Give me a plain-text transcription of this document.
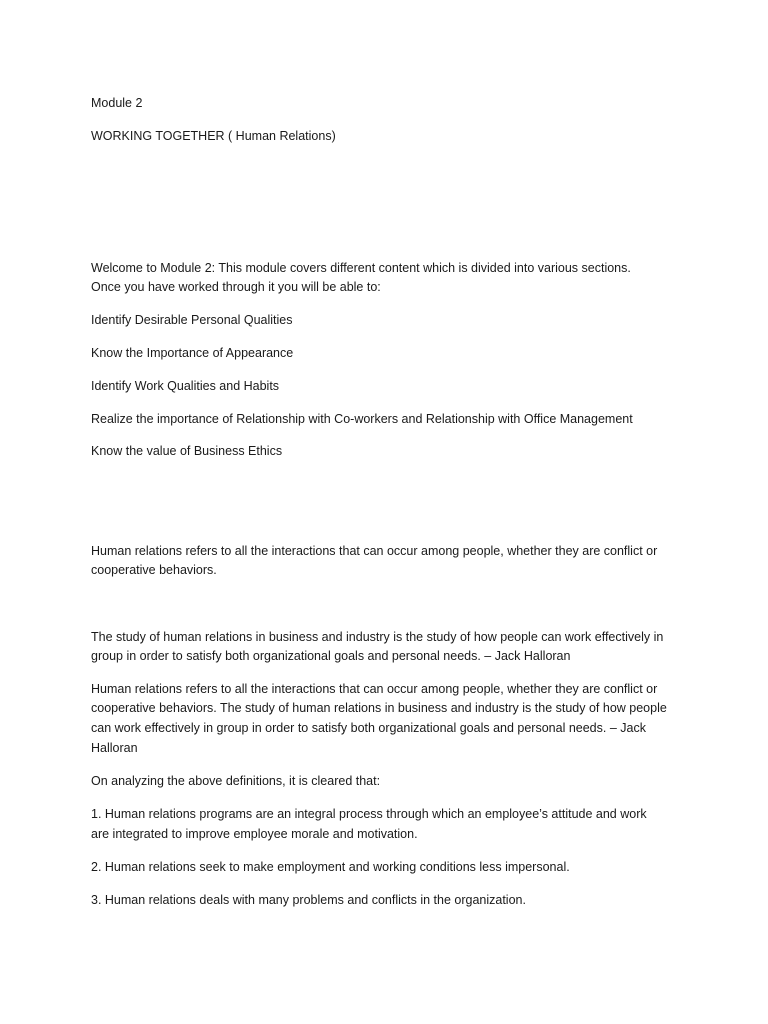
Module 2

WORKING TOGETHER ( Human Relations)

Welcome to Module 2: This module covers different content which is divided into various sections.

Once you have worked through it you will be able to:

Identify Desirable Personal Qualities

Know the Importance of Appearance

Identify Work Qualities and Habits

Realize the importance of Relationship with Co-workers and Relationship with Office Management

Know the value of Business Ethics

Human relations refers to all the interactions that can occur among people, whether they are conflict or

cooperative behaviors.

The study of human relations in business and industry is the study of how people can work effectively in

group in order to satisfy both organizational goals and personal needs. – Jack Halloran

Human relations refers to all the interactions that can occur among people, whether they are conflict or

cooperative behaviors. The study of human relations in business and industry is the study of how people

can work effectively in group in order to satisfy both organizational goals and personal needs. – Jack

Halloran

On analyzing the above definitions, it is cleared that:

1. Human relations programs are an integral process through which an employee’s attitude and work

are integrated to improve employee morale and motivation.

2. Human relations seek to make employment and working conditions less impersonal.

3. Human relations deals with many problems and conflicts in the organization.
